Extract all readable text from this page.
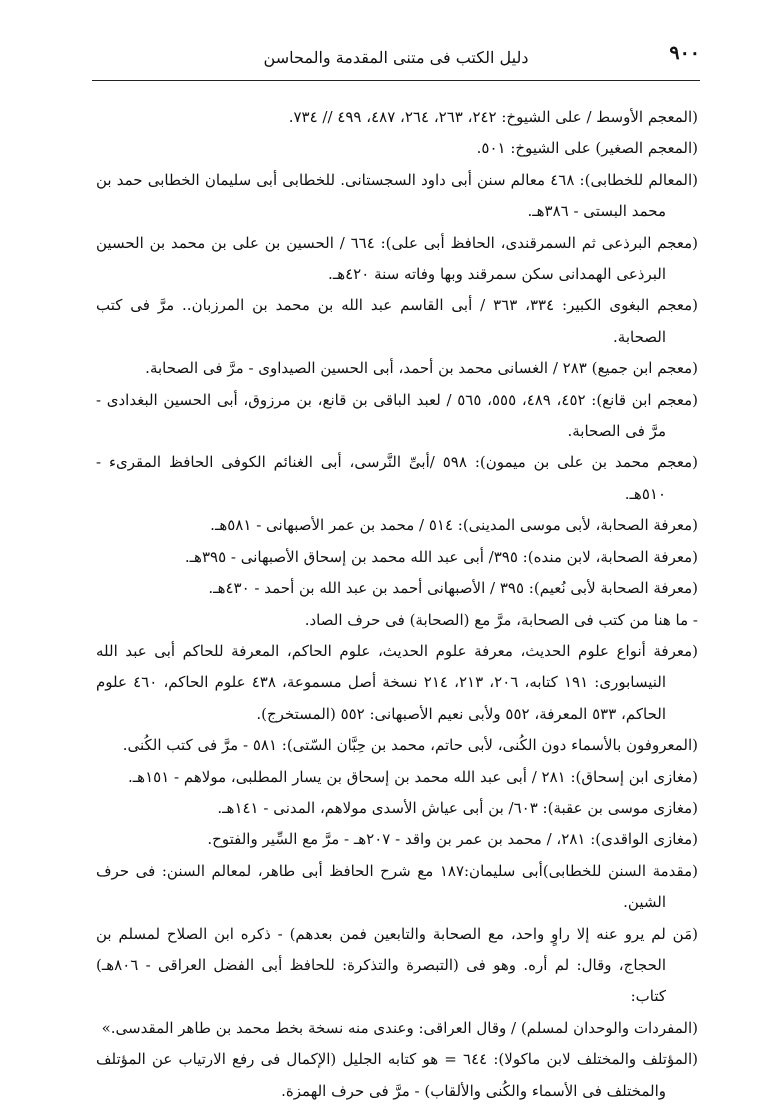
٩٠٠
دليل الكتب فى متنى المقدمة والمحاسن

(المعجم الأوسط / على الشيوخ: ٢٤٢، ٢٦٣، ٢٦٤، ٤٨٧، ٤٩٩ // ٧٣٤.

(المعجم الصغير) على الشيوخ: ٥٠١.

(المعالم للخطابى): ٤٦٨ معالم سنن أبى داود السجستانى. للخطابى أبى سليمان الخطابى حمد بن محمد البستى - ٣٨٦هـ.

(معجم البرذعى ثم السمرقندى، الحافظ أبى على): ٦٦٤ / الحسين بن على بن محمد بن الحسين البرذعى الهمدانى سكن سمرقند وبها وفاته سنة ٤٢٠هـ.

(معجم البغوى الكبير: ٣٣٤، ٣٦٣ / أبى القاسم عبد الله بن محمد بن المرزبان.. مرَّ فى كتب الصحابة.

(معجم ابن جميع) ٢٨٣ / الغسانى محمد بن أحمد، أبى الحسين الصيداوى - مرَّ فى الصحابة.

(معجم ابن قانع): ٤٥٢، ٤٨٩، ٥٥٥، ٥٦٥ / لعبد الباقى بن قانع، بن مرزوق، أبى الحسين البغدادى - مرَّ فى الصحابة.

(معجم محمد بن على بن ميمون): ٥٩٨ /أبىِّ النَّرسى، أبى الغنائم الكوفى الحافظ المقرىء - ٥١٠هـ.

(معرفة الصحابة، لأبى موسى المدينى): ٥١٤ / محمد بن عمر الأصبهانى - ٥٨١هـ.

(معرفة الصحابة، لابن منده): ٣٩٥/ أبى عبد الله محمد بن إسحاق الأصبهانى - ٣٩٥هـ.

(معرفة الصحابة لأبى نُعيم): ٣٩٥ / الأصبهانى أحمد بن عبد الله بن أحمد - ٤٣٠هـ.

- ما هنا من كتب فى الصحابة، مرَّ مع (الصحابة) فى حرف الصاد.

(معرفة أنواع علوم الحديث، معرفة علوم الحديث، علوم الحاكم، المعرفة للحاكم أبى عبد الله النيسابورى: ١٩١ كتابه، ٢٠٦، ٢١٣، ٢١٤ نسخة أصل مسموعة، ٤٣٨ علوم الحاكم، ٤٦٠ علوم الحاكم، ٥٣٣ المعرفة، ٥٥٢ ولأبى نعيم الأصبهانى: ٥٥٢ (المستخرج).

(المعروفون بالأسماء دون الكُنى، لأبى حاتم، محمد بن حِبَّان السّتى): ٥٨١ - مرَّ فى كتب الكُنى.

(مغازى ابن إسحاق): ٢٨١ / أبى عبد الله محمد بن إسحاق بن يسار المطلبى، مولاهم - ١٥١هـ.

(مغازى موسى بن عقبة): ٦٠٣/ بن أبى عياش الأسدى مولاهم، المدنى - ١٤١هـ.

(مغازى الواقدى): ٢٨١، / محمد بن عمر بن واقد - ٢٠٧هـ - مرَّ مع السِّير والفتوح.

(مقدمة السنن للخطابى)أبى سليمان:١٨٧ مع شرح الحافظ أبى طاهر، لمعالم السنن: فى حرف الشين.

(مَن لم يرو عنه إلا راوٍ واحد، مع الصحابة والتابعين فمن بعدهم) - ذكره ابن الصلاح لمسلم بن الحجاج، وقال: لم أره. وهو فى (التبصرة والتذكرة: للحافظ أبى الفضل العراقى - ٨٠٦هـ) كتاب:

(المفردات والوحدان لمسلم) / وقال العراقى: وعندى منه نسخة بخط محمد بن طاهر المقدسى.»

(المؤتلف والمختلف لابن ماكولا): ٦٤٤ = هو كتابه الجليل (الإكمال فى رفع الارتياب عن المؤتلف والمختلف فى الأسماء والكُنى والألقاب) - مرَّ فى حرف الهمزة.
